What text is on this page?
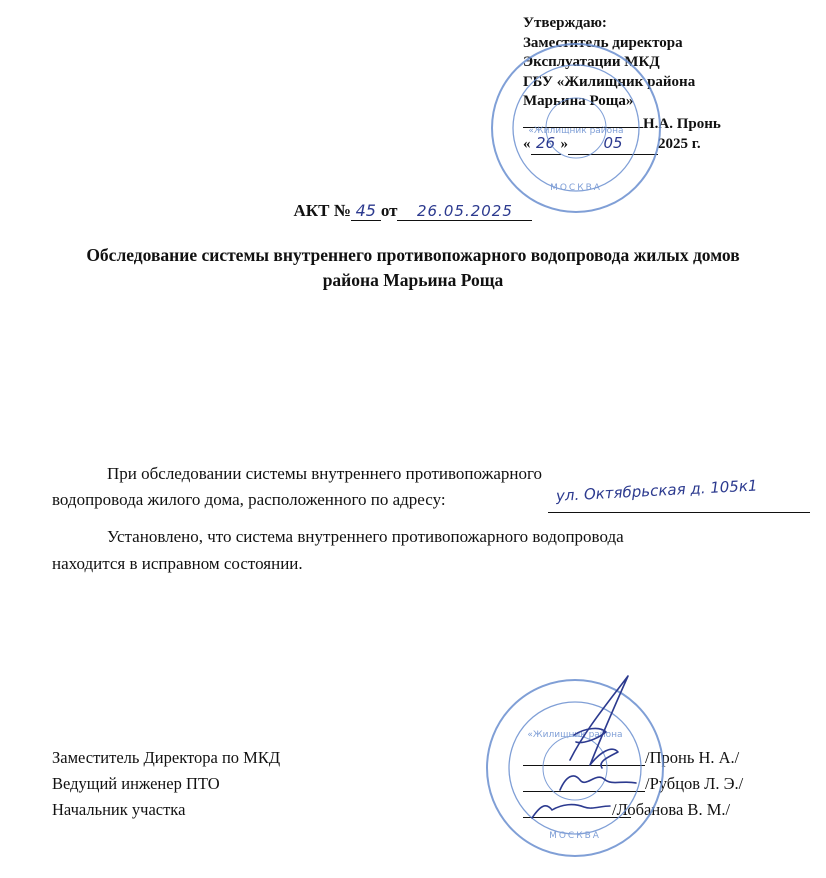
Утверждаю:
Заместитель директора
Эксплуатации МКД
ГБУ «Жилищник района
Марьина Роща»
Н.А. Пронь
« 26 » 05 2025 г.
АКТ № 45 от 26.05.2025
Обследование системы внутреннего противопожарного водопровода жилых домов района Марьина Роща
При обследовании системы внутреннего противопожарного
водопровода жилого дома, расположенного по адресу:	ул. Октябрьская д. 105к1
Установлено, что система внутреннего противопожарного водопровода
находится в исправном состоянии.
Заместитель Директора по МКД
Ведущий инженер ПТО
Начальник участка
/Пронь Н. А./
/Рубцов Л. Э./
/Лобанова В. М./
«Жилищник района
МОСКВА
«Жилищник района
МОСКВА
